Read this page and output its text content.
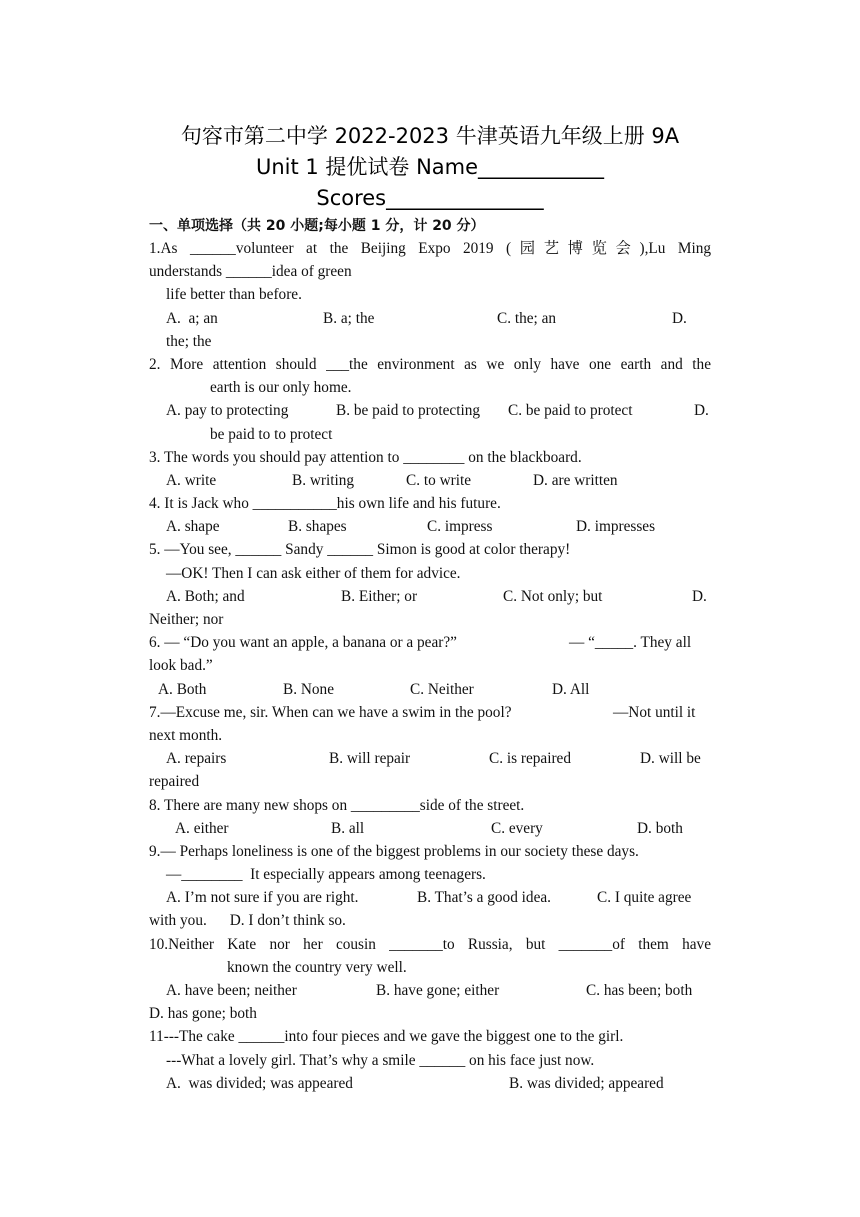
句容市第二中学 2022-2023 牛津英语九年级上册 9A
Unit 1 提优试卷 Name____________
Scores_______________
一、单项选择（共 20 小题;每小题 1 分，计 20 分）
1.As ______volunteer at the Beijing Expo 2019 (园艺博览会),Lu Ming
understands ______idea of green
life better than before.
A.  a; an	B. a; the	C. the; an	D.
the; the
2. More attention should ___the environment as we only have one earth and the
earth is our only home.
A. pay to protecting	B. be paid to protecting	C. be paid to protect	D.
be paid to to protect
3. The words you should pay attention to ________ on the blackboard.
A. write	B. writing	C. to write	D. are written
4. It is Jack who ___________his own life and his future.
A. shape	B. shapes	C. impress	D. impresses
5. —You see, ______ Sandy ______ Simon is good at color therapy!
—OK! Then I can ask either of them for advice.
A. Both; and	B. Either; or	C. Not only; but	D.
Neither; nor
6. — “Do you want an apple, a banana or a pear?”	— “_____. They all
look bad.”
A. Both	B. None	C. Neither	D. All
7.—Excuse me, sir. When can we have a swim in the pool?	—Not until it
next month.
A. repairs	B. will repair	C. is repaired	D. will be
repaired
8. There are many new shops on _________side of the street.
A. either	B. all	C. every	D. both
9.— Perhaps loneliness is one of the biggest problems in our society these days.
—________  It especially appears among teenagers.
A. I’m not sure if you are right.	B. That’s a good idea.	C. I quite agree
with you.      D. I don’t think so.
10.Neither Kate nor her cousin _______to Russia, but _______of them have
known the country very well.
A. have been; neither	B. have gone; either	C. has been; both
D. has gone; both
11---The cake ______into four pieces and we gave the biggest one to the girl.
---What a lovely girl. That’s why a smile ______ on his face just now.
A.  was divided; was appeared	B. was divided; appeared
